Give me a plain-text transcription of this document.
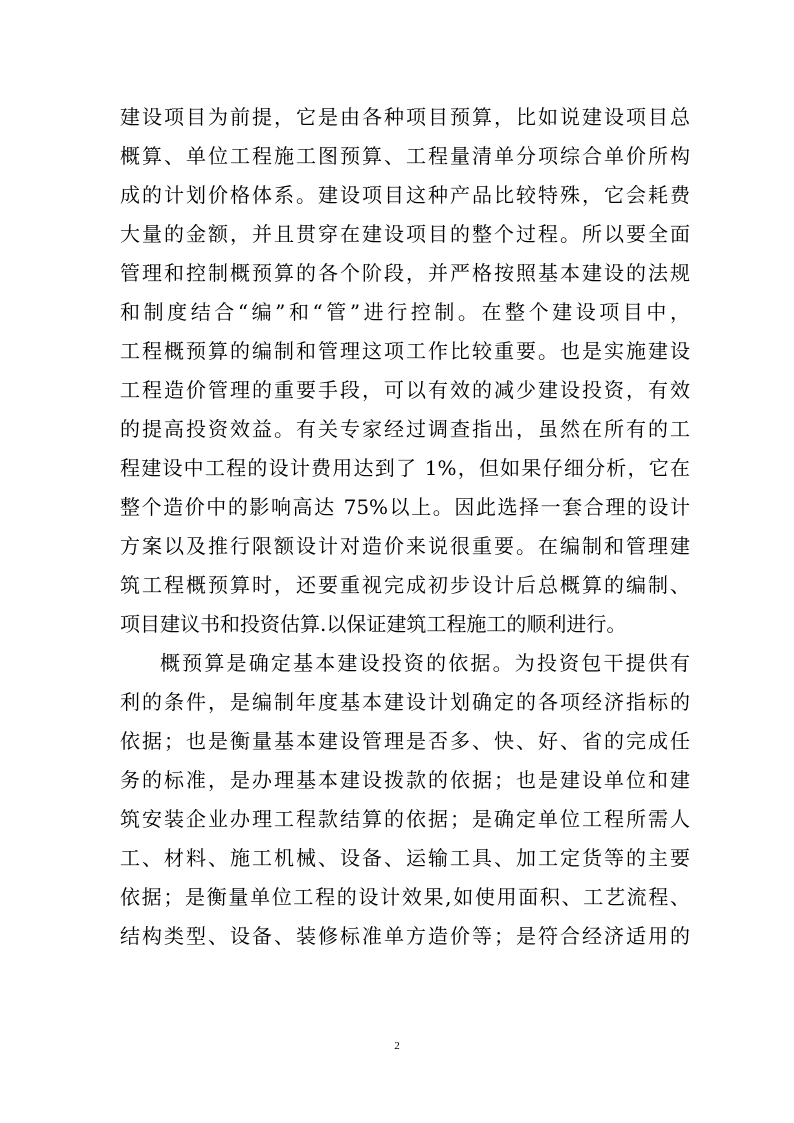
建设项目为前提，它是由各种项目预算，比如说建设项目总
概算、单位工程施工图预算、工程量清单分项综合单价所构
成的计划价格体系。建设项目这种产品比较特殊，它会耗费
大量的金额，并且贯穿在建设项目的整个过程。所以要全面
管理和控制概预算的各个阶段，并严格按照基本建设的法规
和制度结合“编”和“管”进行控制。在整个建设项目中，
工程概预算的编制和管理这项工作比较重要。也是实施建设
工程造价管理的重要手段，可以有效的减少建设投资，有效
的提高投资效益。有关专家经过调查指出，虽然在所有的工
程建设中工程的设计费用达到了 1%，但如果仔细分析，它在
整个造价中的影响高达 75%以上。因此选择一套合理的设计
方案以及推行限额设计对造价来说很重要。在编制和管理建
筑工程概预算时，还要重视完成初步设计后总概算的编制、
项目建议书和投资估算.以保证建筑工程施工的顺利进行。
概预算是确定基本建设投资的依据。为投资包干提供有
利的条件，是编制年度基本建设计划确定的各项经济指标的
依据；也是衡量基本建设管理是否多、快、好、省的完成任
务的标准，是办理基本建设拨款的依据；也是建设单位和建
筑安装企业办理工程款结算的依据；是确定单位工程所需人
工、材料、施工机械、设备、运输工具、加工定货等的主要
依据；是衡量单位工程的设计效果,如使用面积、工艺流程、
结构类型、设备、装修标准单方造价等；是符合经济适用的
2
